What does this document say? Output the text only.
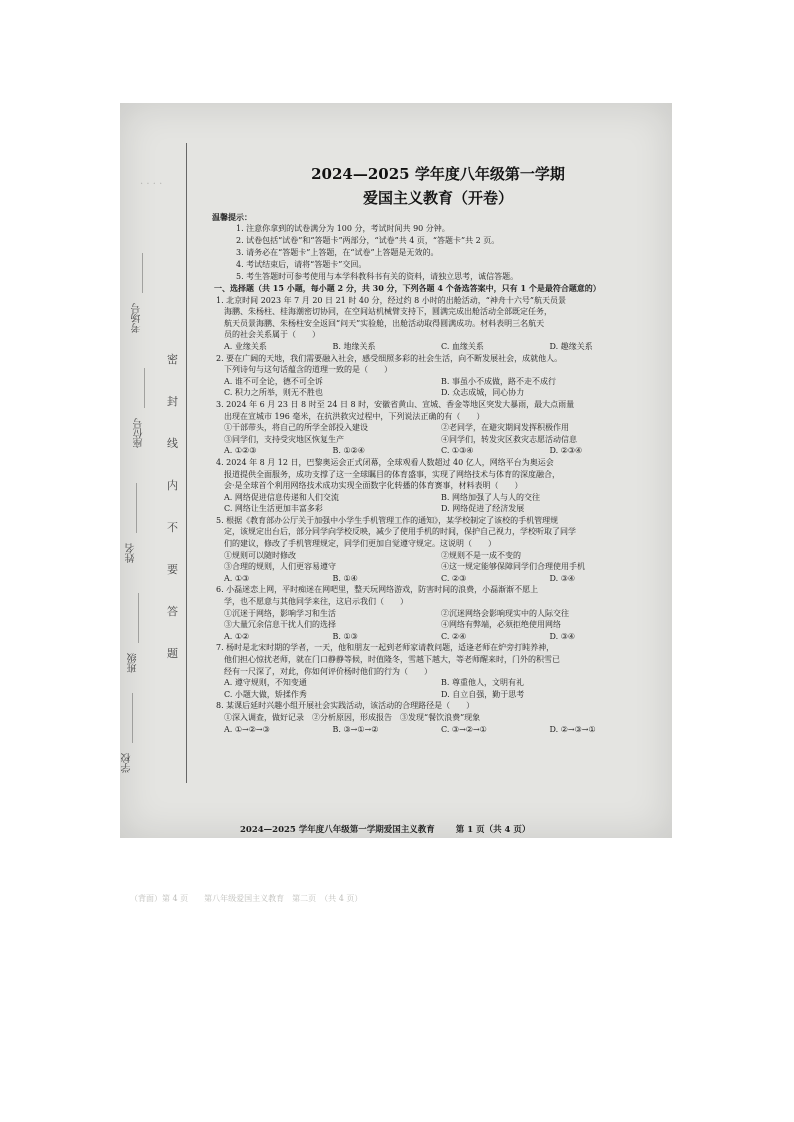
· · · ·
考场号　________
座位号　________
姓名　__________
班级　__________
学校　__________
密
封
线
内
不
要
答
题
2024—2025 学年度八年级第一学期
爱国主义教育（开卷）
温馨提示：
1. 注意你拿到的试卷满分为 100 分，考试时间共 90 分钟。
2. 试卷包括“试卷”和“答题卡”两部分，“试卷”共 4 页，“答题卡”共 2 页。
3. 请务必在“答题卡”上答题，在“试卷”上答题是无效的。
4. 考试结束后，请将“答题卡”交回。
5. 考生答题时可参考使用与本学科教科书有关的资料，请独立思考，诚信答题。
一、选择题（共 15 小题，每小题 2 分，共 30 分，下列各题 4 个备选答案中，只有 1 个是最符合题意的）
1. 北京时间 2023 年 7 月 20 日 21 时 40 分，经过约 8 小时的出舱活动，“神舟十六号”航天员景
海鹏、朱杨柱、桂海潮密切协同，在空间站机械臂支持下，圆满完成出舱活动全部既定任务，
航天员景海鹏、朱杨柱安全返回“问天”实验舱，出舱活动取得圆满成功。材料表明三名航天
员的社会关系属于（　　）
A. 业缘关系	B. 地缘关系	C. 血缘关系	D. 趣缘关系
2. 要在广阔的天地，我们需要融入社会，感受细照多彩的社会生活，向不断发展社会，成就他人。
下列诗句与这句话蕴含的道理一致的是（　　）
A. 谁不可全论，德不可全诉	B. 事虽小不成做，路不走不成行
C. 积力之所举，则无不胜也	D. 众志成城，同心协力
3. 2024 年 6 月 23 日 8 时至 24 日 8 时，安徽省黄山、宣城、香金等地区突发大暴雨，最大点雨量
出现在宣城市 196 毫米，在抗洪救灾过程中，下列说法正确的有（　　）
①干部带头，将自己的所学全部投入建设	②老同学，在避灾期间发挥积极作用
③同学们，支持受灾地区恢复生产	④同学们，转发灾区救灾志愿活动信息
A. ①②③	B. ①②④	C. ①③④	D. ②③④
4. 2024 年 8 月 12 日，巴黎奥运会正式闭幕，全球观看人数超过 40 亿人，网络平台为奥运会
报道提供全面服务，成功支撑了这一全球瞩目的体育盛事，实现了网络技术与体育的深度融合，
会·是全球首个利用网络技术成功实现全面数字化转播的体育赛事，材料表明（　　）
A. 网络促进信息传递和人们交流	B. 网络加强了人与人的交往
C. 网络让生活更加丰富多彩	D. 网络促进了经济发展
5. 根据《教育部办公厅关于加强中小学生手机管理工作的通知》，某学校制定了该校的手机管理规
定，该规定出台后，部分同学向学校反映，减少了使用手机的时间，保护自己视力，学校听取了同学
们的建议，修改了手机管理规定，同学们更加自觉遵守规定。这说明（　　）
①规则可以随时修改	②规则不是一成不变的
③合理的规则，人们更容易遵守	④这一规定能够保障同学们合理使用手机
A. ①③	B. ①④	C. ②③	D. ③④
6. 小磊迷恋上网，平时痴迷在网吧里，整天玩网络游戏，防害时间的浪费，小磊渐渐不愿上
学，也不愿意与其他同学来往，这启示我们（　　）
①沉迷于网络，影响学习和生活	②沉迷网络会影响现实中的人际交往
③大量冗余信息干扰人们的选择	④网络有弊端，必须拒绝使用网络
A. ①②	B. ①③	C. ②④	D. ③④
7. 杨时是北宋时期的学者，一天，他和朋友一起到老师家请教问题，适逢老师在炉旁打盹养神，
他们担心惊扰老师，就在门口静静等候，时值隆冬，雪越下越大，等老师醒来时，门外的积雪已
经有一尺深了，对此，你如何评价杨时他们的行为（　　）
A. 遵守规则，不知变通	B. 尊重他人，文明有礼
C. 小题大做，矫揉作秀	D. 自立自强，勤于思考
8. 某课后延时兴趣小组开展社会实践活动，该活动的合理路径是（　　）
①深入调查，做好记录　②分析原因，形成报告　③发现“餐饮浪费”现象
A. ①→②→③	B. ③→①→②	C. ③→②→①	D. ②→③→①
2024—2025 学年度八年级第一学期爱国主义教育 第 1 页（共 4 页）
（背面）第 4 页　　第八年级爱国主义教育　第二页　（共 4 页）
